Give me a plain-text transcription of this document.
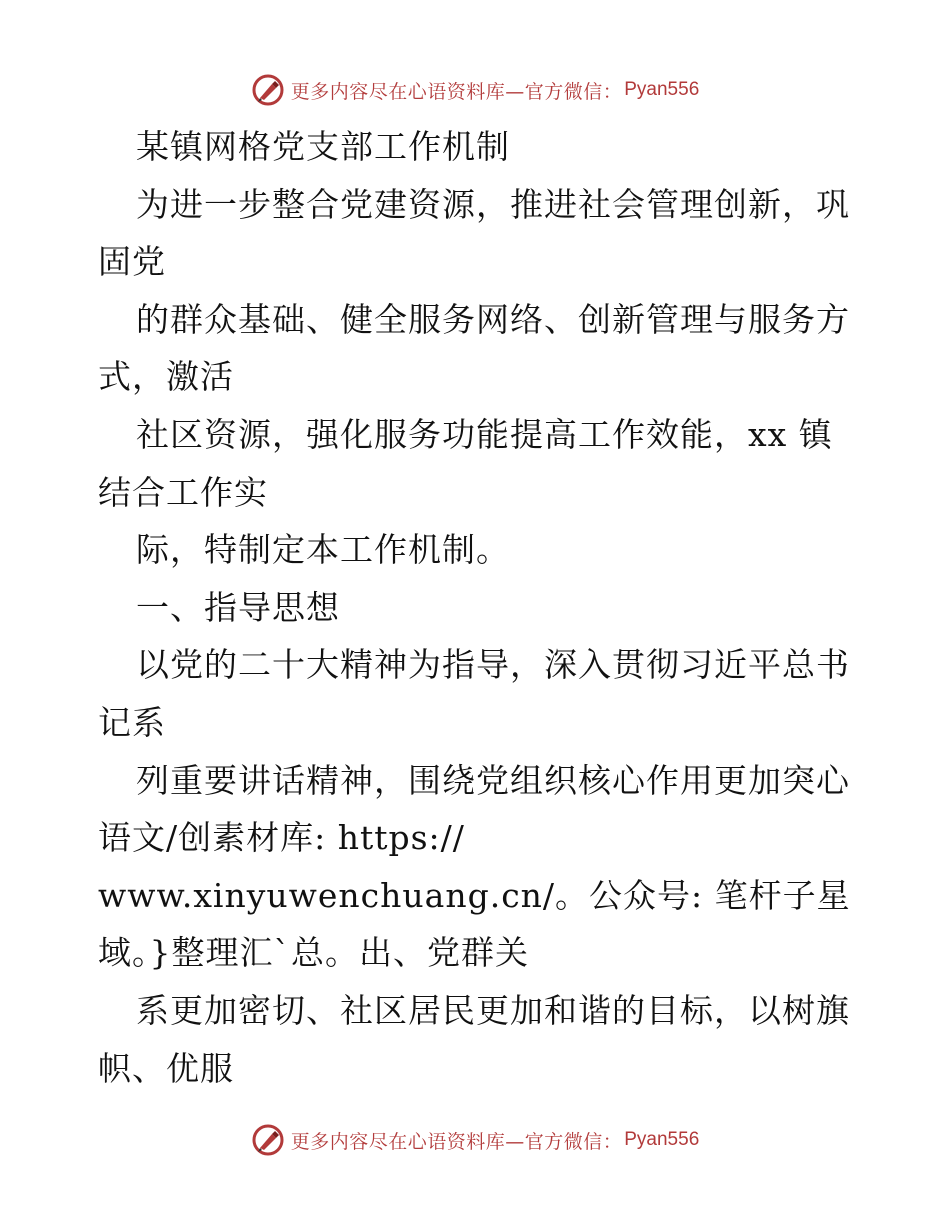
更多内容尽在心语资料库—官方微信： Pyan556
某镇网格党支部工作机制
为进一步整合党建资源，推进社会管理创新，巩
固党
的群众基础、健全服务网络、创新管理与服务方
式，激活
社区资源，强化服务功能提高工作效能，xx 镇
结合工作实
际，特制定本工作机制。
一、指导思想
以党的二十大精神为指导，深入贯彻习近平总书
记系
列重要讲话精神，围绕党组织核心作用更加突心
语文/创素材库: https://
www.xinyuwenchuang.cn/。公众号: 笔杆子星
域。}整理汇`总。出、党群关
系更加密切、社区居民更加和谐的目标，以树旗
帜、优服
更多内容尽在心语资料库—官方微信： Pyan556
